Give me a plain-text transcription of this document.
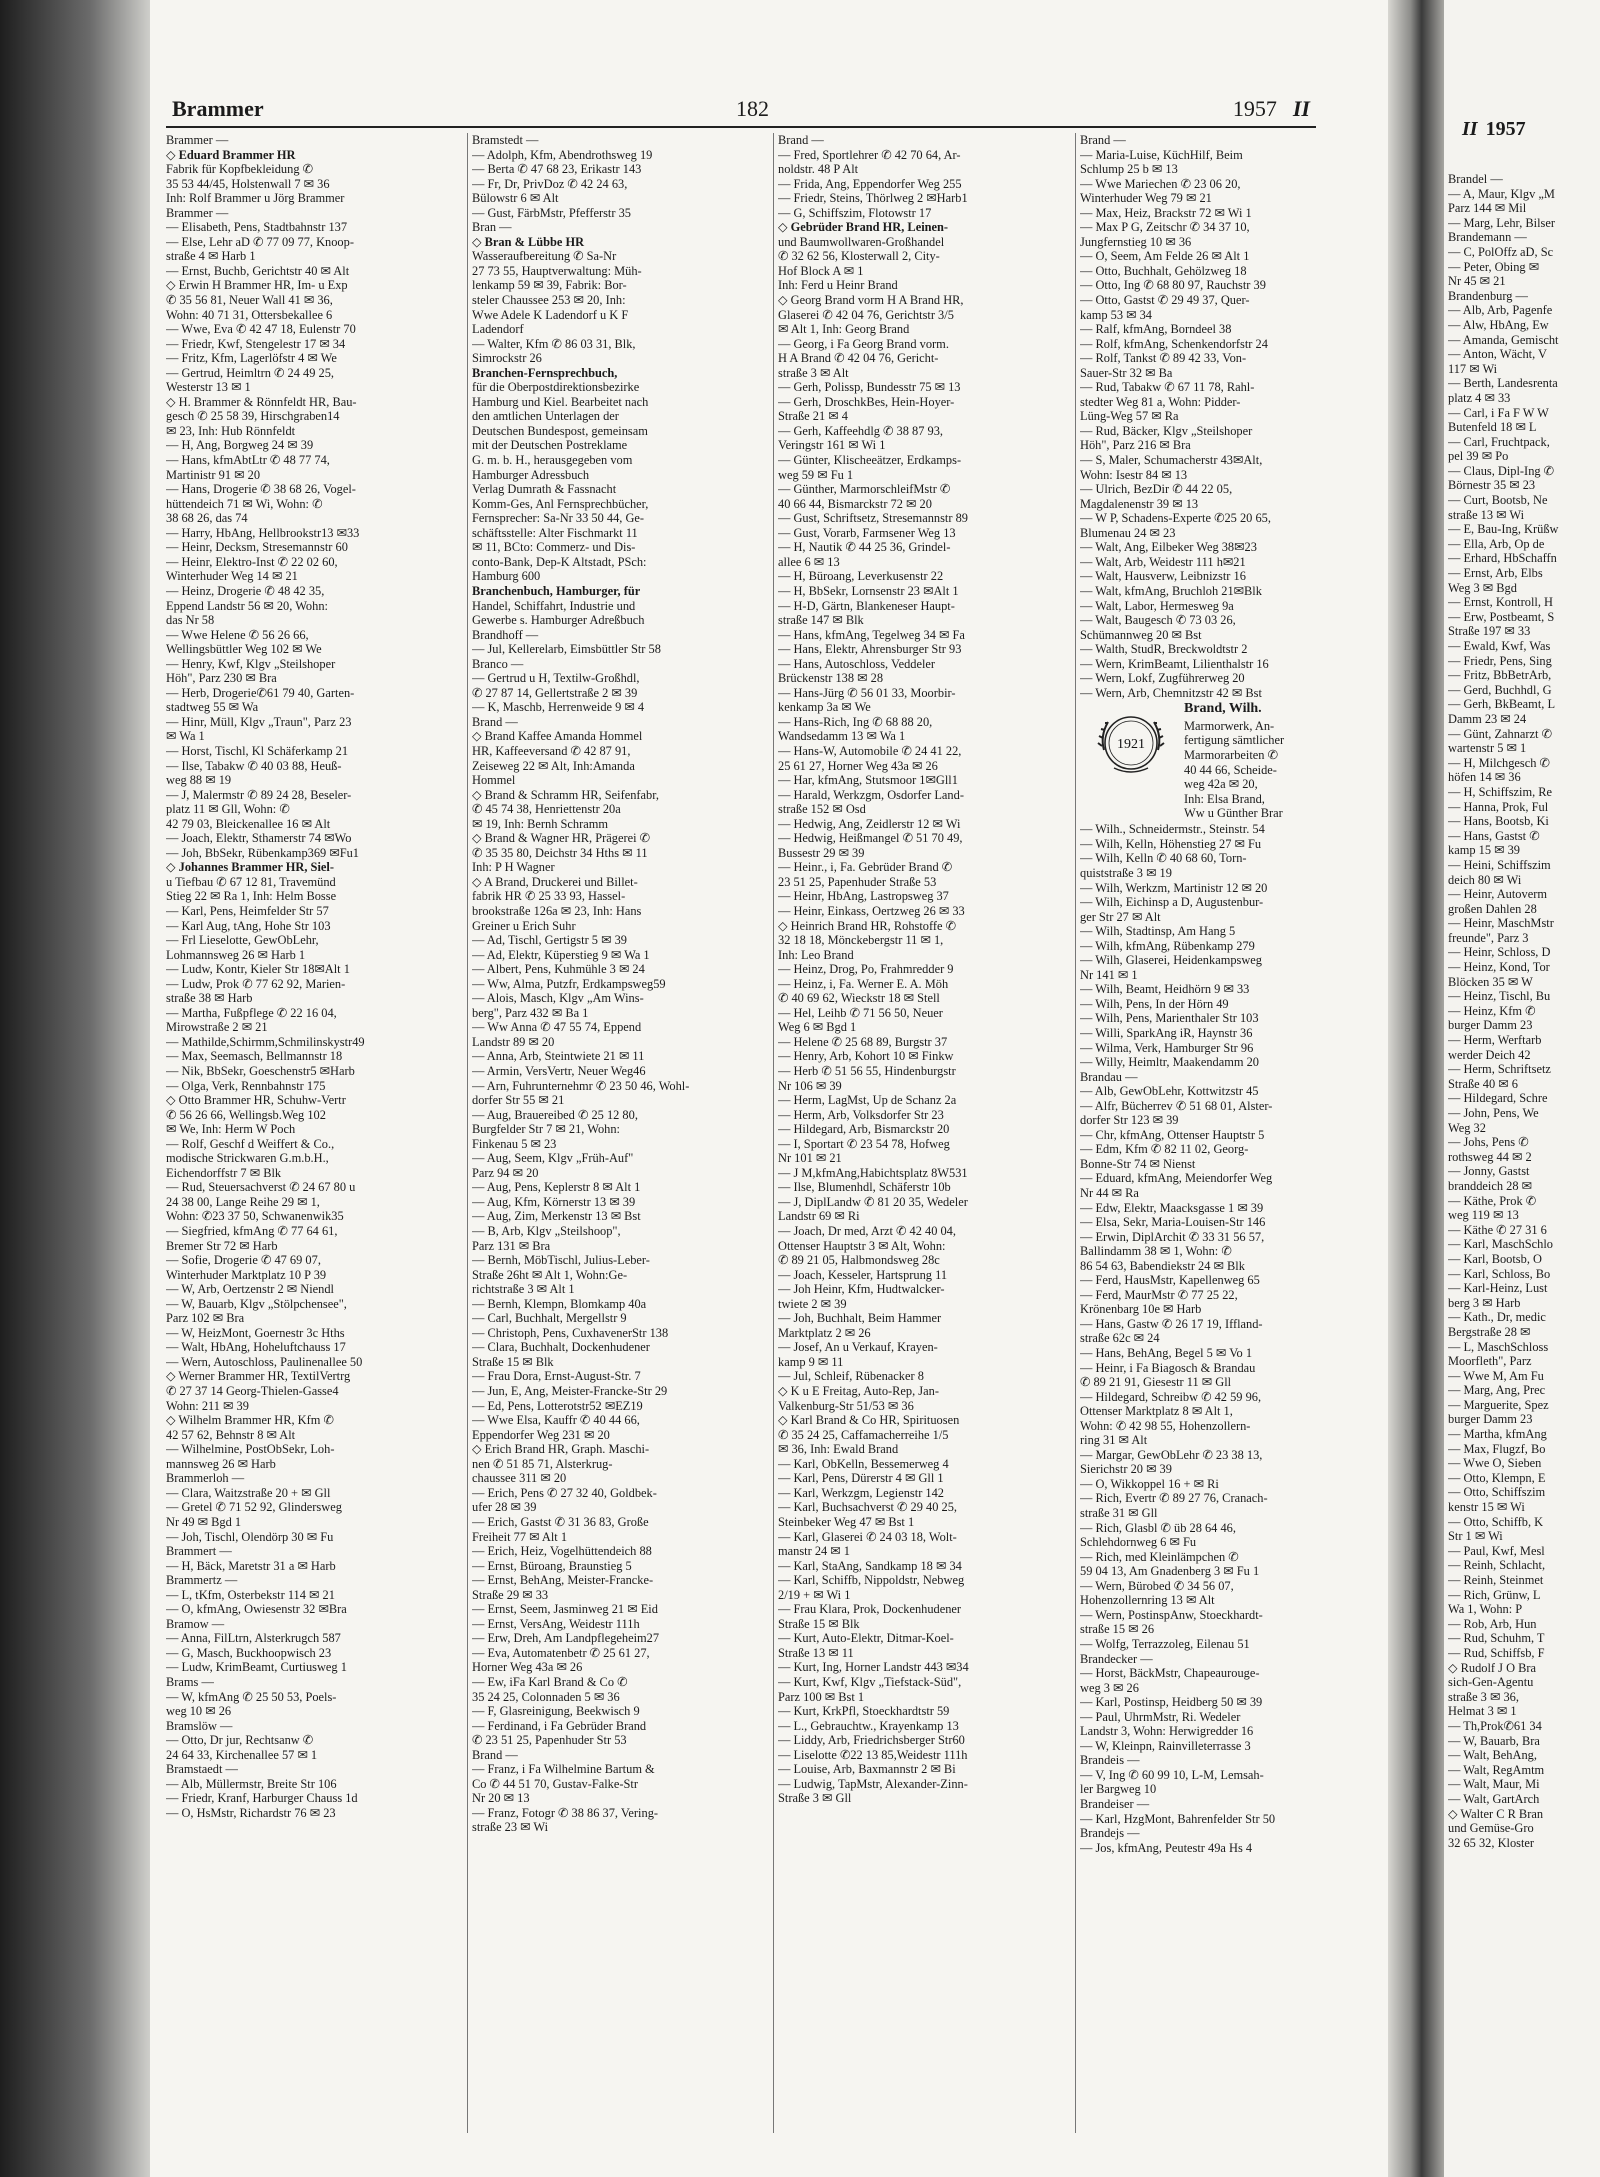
Brammer	182	1957 II
Brammer —
◇ Eduard Brammer HR
Fabrik für Kopfbekleidung ✆
35 53 44/45, Holstenwall 7 ✉ 36
Inh: Rolf Brammer u Jörg Brammer
Brammer —
— Elisabeth, Pens, Stadtbahnstr 137
— Else, Lehr aD ✆ 77 09 77, Knoop-
straße 4 ✉ Harb 1
— Ernst, Buchb, Gerichtstr 40 ✉ Alt
◇ Erwin H Brammer HR, Im- u Exp
✆ 35 56 81, Neuer Wall 41 ✉ 36,
Wohn: 40 71 31, Ottersbekallee 6
— Wwe, Eva ✆ 42 47 18, Eulenstr 70
— Friedr, Kwf, Stengelestr 17 ✉ 34
— Fritz, Kfm, Lagerlöfstr 4 ✉ We
— Gertrud, Heimltrn ✆ 24 49 25,
Westerstr 13 ✉ 1
◇ H. Brammer & Rönnfeldt HR, Bau-
gesch ✆ 25 58 39, Hirschgraben14
✉ 23, Inh: Hub Rönnfeldt
— H, Ang, Borgweg 24 ✉ 39
— Hans, kfmAbtLtr ✆ 48 77 74,
Martinistr 91 ✉ 20
— Hans, Drogerie ✆ 38 68 26, Vogel-
hüttendeich 71 ✉ Wi, Wohn: ✆
38 68 26, das 74
— Harry, HbAng, Hellbrookstr13 ✉33
— Heinr, Decksm, Stresemannstr 60
— Heinr, Elektro-Inst ✆ 22 02 60,
Winterhuder Weg 14 ✉ 21
— Heinz, Drogerie ✆ 48 42 35,
Eppend Landstr 56 ✉ 20, Wohn:
das Nr 58
— Wwe Helene ✆ 56 26 66,
Wellingsbüttler Weg 102 ✉ We
— Henry, Kwf, Klgv „Steilshoper
Höh", Parz 230 ✉ Bra
— Herb, Drogerie✆61 79 40, Garten-
stadtweg 55 ✉ Wa
— Hinr, Müll, Klgv „Traun", Parz 23
✉ Wa 1
— Horst, Tischl, Kl Schäferkamp 21
— Ilse, Tabakw ✆ 40 03 88, Heuß-
weg 88 ✉ 19
— J, Malermstr ✆ 89 24 28, Beseler-
platz 11 ✉ Gll, Wohn: ✆
42 79 03, Bleickenallee 16 ✉ Alt
— Joach, Elektr, Sthamerstr 74 ✉Wo
— Joh, BbSekr, Rübenkamp369 ✉Fu1
◇ Johannes Brammer HR, Siel-
u Tiefbau ✆ 67 12 81, Travemünd
Stieg 22 ✉ Ra 1, Inh: Helm Bosse
— Karl, Pens, Heimfelder Str 57
— Karl Aug, tAng, Hohe Str 103
— Frl Lieselotte, GewObLehr,
Lohmannsweg 26 ✉ Harb 1
— Ludw, Kontr, Kieler Str 18✉Alt 1
— Ludw, Prok ✆ 77 62 92, Marien-
straße 38 ✉ Harb
— Martha, Fußpflege ✆ 22 16 04,
Mirowstraße 2 ✉ 21
— Mathilde,Schirmm,Schmilinskystr49
— Max, Seemasch, Bellmannstr 18
— Nik, BbSekr, Goeschenstr5 ✉Harb
— Olga, Verk, Rennbahnstr 175
◇ Otto Brammer HR, Schuhw-Vertr
✆ 56 26 66, Wellingsb.Weg 102
✉ We, Inh: Herm W Poch
— Rolf, Geschf d Weiffert & Co.,
modische Strickwaren G.m.b.H.,
Eichendorffstr 7 ✉ Blk
— Rud, Steuersachverst ✆ 24 67 80 u
24 38 00, Lange Reihe 29 ✉ 1,
Wohn: ✆23 37 50, Schwanenwik35
— Siegfried, kfmAng ✆ 77 64 61,
Bremer Str 72 ✉ Harb
— Sofie, Drogerie ✆ 47 69 07,
Winterhuder Marktplatz 10 P 39
— W, Arb, Oertzenstr 2 ✉ Niendl
— W, Bauarb, Klgv „Stölpchensee",
Parz 102 ✉ Bra
— W, HeizMont, Goernestr 3c Hths
— Walt, HbAng, Hoheluftchauss 17
— Wern, Autoschloss, Paulinenallee 50
◇ Werner Brammer HR, TextilVertrg
✆ 27 37 14 Georg-Thielen-Gasse4
Wohn: 211 ✉ 39
◇ Wilhelm Brammer HR, Kfm ✆
42 57 62, Behnstr 8 ✉ Alt
— Wilhelmine, PostObSekr, Loh-
mannsweg 26 ✉ Harb
Brammerloh —
— Clara, Waitzstraße 20 + ✉ Gll
— Gretel ✆ 71 52 92, Glindersweg
Nr 49 ✉ Bgd 1
— Joh, Tischl, Olendörp 30 ✉ Fu
Brammert —
— H, Bäck, Maretstr 31 a ✉ Harb
Brammertz —
— L, tKfm, Osterbekstr 114 ✉ 21
— O, kfmAng, Owiesenstr 32 ✉Bra
Bramow —
— Anna, FilLtrn, Alsterkrugch 587
— G, Masch, Buckhoopwisch 23
— Ludw, KrimBeamt, Curtiusweg 1
Brams —
— W, kfmAng ✆ 25 50 53, Poels-
weg 10 ✉ 26
Bramslöw —
— Otto, Dr jur, Rechtsanw ✆
24 64 33, Kirchenallee 57 ✉ 1
Bramstaedt —
— Alb, Müllermstr, Breite Str 106
— Friedr, Kranf, Harburger Chauss 1d
— O, HsMstr, Richardstr 76 ✉ 23
Bramstedt —
— Adolph, Kfm, Abendrothsweg 19
— Berta ✆ 47 68 23, Erikastr 143
— Fr, Dr, PrivDoz ✆ 42 24 63,
Bülowstr 6 ✉ Alt
— Gust, FärbMstr, Pfefferstr 35
Bran —
◇ Bran & Lübbe HR
Wasseraufbereitung ✆ Sa-Nr
27 73 55, Hauptverwaltung: Müh-
lenkamp 59 ✉ 39, Fabrik: Bor-
steler Chaussee 253 ✉ 20, Inh:
Wwe Adele K Ladendorf u K F
Ladendorf
— Walter, Kfm ✆ 86 03 31, Blk,
Simrockstr 26
Branchen-Fernsprechbuch,
für die Oberpostdirektionsbezirke
Hamburg und Kiel. Bearbeitet nach
den amtlichen Unterlagen der
Deutschen Bundespost, gemeinsam
mit der Deutschen Postreklame
G. m. b. H., herausgegeben vom
Hamburger Adressbuch
Verlag Dumrath & Fassnacht
Komm-Ges, Anl Fernsprechbücher,
Fernsprecher: Sa-Nr 33 50 44, Ge-
schäftsstelle: Alter Fischmarkt 11
✉ 11, BCto: Commerz- und Dis-
conto-Bank, Dep-K Altstadt, PSch:
Hamburg 600
Branchenbuch, Hamburger, für
Handel, Schiffahrt, Industrie und
Gewerbe s. Hamburger Adreßbuch
Brandhoff —
— Jul, Kellerelarb, Eimsbüttler Str 58
Branco —
— Gertrud u H, Textilw-Großhdl,
✆ 27 87 14, Gellertstraße 2 ✉ 39
— K, Maschb, Herrenweide 9 ✉ 4
Brand —
◇ Brand Kaffee Amanda Hommel
HR, Kaffeeversand ✆ 42 87 91,
Zeiseweg 22 ✉ Alt, Inh:Amanda
Hommel
◇ Brand & Schramm HR, Seifenfabr,
✆ 45 74 38, Henriettenstr 20a
✉ 19, Inh: Bernh Schramm
◇ Brand & Wagner HR, Prägerei ✆
✆ 35 35 80, Deichstr 34 Hths ✉ 11
Inh: P H Wagner
◇ A Brand, Druckerei und Billet-
fabrik HR ✆ 25 33 93, Hassel-
brookstraße 126a ✉ 23, Inh: Hans
Greiner u Erich Suhr
— Ad, Tischl, Gertigstr 5 ✉ 39
— Ad, Elektr, Küperstieg 9 ✉ Wa 1
— Albert, Pens, Kuhmühle 3 ✉ 24
— Ww, Alma, Putzfr, Erdkampsweg59
— Alois, Masch, Klgv „Am Wins-
berg", Parz 432 ✉ Ba 1
— Ww Anna ✆ 47 55 74, Eppend
Landstr 89 ✉ 20
— Anna, Arb, Steintwiete 21 ✉ 11
— Armin, VersVertr, Neuer Weg46
— Arn, Fuhrunternehmr ✆ 23 50 46, Wohl-
dorfer Str 55 ✉ 21
— Aug, Brauereibed ✆ 25 12 80,
Burgfelder Str 7 ✉ 21, Wohn:
Finkenau 5 ✉ 23
— Aug, Seem, Klgv „Früh-Auf"
Parz 94 ✉ 20
— Aug, Pens, Keplerstr 8 ✉ Alt 1
— Aug, Kfm, Körnerstr 13 ✉ 39
— Aug, Zim, Merkenstr 13 ✉ Bst
— B, Arb, Klgv „Steilshoop",
Parz 131 ✉ Bra
— Bernh, MöbTischl, Julius-Leber-
Straße 26ht ✉ Alt 1, Wohn:Ge-
richtstraße 3 ✉ Alt 1
— Bernh, Klempn, Blomkamp 40a
— Carl, Buchhalt, Mergellstr 9
— Christoph, Pens, CuxhavenerStr 138
— Clara, Buchhalt, Dockenhudener
Straße 15 ✉ Blk
— Frau Dora, Ernst-August-Str. 7
— Jun, E, Ang, Meister-Francke-Str 29
— Ed, Pens, Lotterotstr52 ✉EZ19
— Wwe Elsa, Kauffr ✆ 40 44 66,
Eppendorfer Weg 231 ✉ 20
◇ Erich Brand HR, Graph. Maschi-
nen ✆ 51 85 71, Alsterkrug-
chaussee 311 ✉ 20
— Erich, Pens ✆ 27 32 40, Goldbek-
ufer 28 ✉ 39
— Erich, Gastst ✆ 31 36 83, Große
Freiheit 77 ✉ Alt 1
— Erich, Heiz, Vogelhüttendeich 88
— Ernst, Büroang, Braunstieg 5
— Ernst, BehAng, Meister-Francke-
Straße 29 ✉ 33
— Ernst, Seem, Jasminweg 21 ✉ Eid
— Ernst, VersAng, Weidestr 111h
— Erw, Dreh, Am Landpflegeheim27
— Eva, Automatenbetr ✆ 25 61 27,
Horner Weg 43a ✉ 26
— Ew, iFa Karl Brand & Co ✆
35 24 25, Colonnaden 5 ✉ 36
— F, Glasreinigung, Beekwisch 9
— Ferdinand, i Fa Gebrüder Brand
✆ 23 51 25, Papenhuder Str 53
Brand —
— Franz, i Fa Wilhelmine Bartum &
Co ✆ 44 51 70, Gustav-Falke-Str
Nr 20 ✉ 13
— Franz, Fotogr ✆ 38 86 37, Vering-
straße 23 ✉ Wi
Brand —
— Fred, Sportlehrer ✆ 42 70 64, Ar-
noldstr. 48 P Alt
— Frida, Ang, Eppendorfer Weg 255
— Friedr, Steins, Thörlweg 2 ✉Harb1
— G, Schiffszim, Flotowstr 17
◇ Gebrüder Brand HR, Leinen-
und Baumwollwaren-Großhandel
✆ 32 62 56, Klosterwall 2, City-
Hof Block A ✉ 1
Inh: Ferd u Heinr Brand
◇ Georg Brand vorm H A Brand HR,
Glaserei ✆ 42 04 76, Gerichtstr 3/5
✉ Alt 1, Inh: Georg Brand
— Georg, i Fa Georg Brand vorm.
H A Brand ✆ 42 04 76, Gericht-
straße 3 ✉ Alt
— Gerh, Polissp, Bundesstr 75 ✉ 13
— Gerh, DroschkBes, Hein-Hoyer-
Straße 21 ✉ 4
— Gerh, Kaffeehdlg ✆ 38 87 93,
Veringstr 161 ✉ Wi 1
— Günter, Klischeeätzer, Erdkamps-
weg 59 ✉ Fu 1
— Günther, MarmorschleifMstr ✆
40 66 44, Bismarckstr 72 ✉ 20
— Gust, Schriftsetz, Stresemannstr 89
— Gust, Vorarb, Farmsener Weg 13
— H, Nautik ✆ 44 25 36, Grindel-
allee 6 ✉ 13
— H, Büroang, Leverkusenstr 22
— H, BbSekr, Lornsenstr 23 ✉Alt 1
— H-D, Gärtn, Blankeneser Haupt-
straße 147 ✉ Blk
— Hans, kfmAng, Tegelweg 34 ✉ Fa
— Hans, Elektr, Ahrensburger Str 93
— Hans, Autoschloss, Veddeler
Brückenstr 138 ✉ 28
— Hans-Jürg ✆ 56 01 33, Moorbir-
kenkamp 3a ✉ We
— Hans-Rich, Ing ✆ 68 88 20,
Wandsedamm 13 ✉ Wa 1
— Hans-W, Automobile ✆ 24 41 22,
25 61 27, Horner Weg 43a ✉ 26
— Har, kfmAng, Stutsmoor 1✉Gll1
— Harald, Werkzgm, Osdorfer Land-
straße 152 ✉ Osd
— Hedwig, Ang, Zeidlerstr 12 ✉ Wi
— Hedwig, Heißmangel ✆ 51 70 49,
Bussestr 29 ✉ 39
— Heinr., i, Fa. Gebrüder Brand ✆
23 51 25, Papenhuder Straße 53
— Heinr, HbAng, Lastropsweg 37
— Heinr, Einkass, Oertzweg 26 ✉ 33
◇ Heinrich Brand HR, Rohstoffe ✆
32 18 18, Mönckebergstr 11 ✉ 1,
Inh: Leo Brand
— Heinz, Drog, Po, Frahmredder 9
— Heinz, i, Fa. Werner E. A. Möh
✆ 40 69 62, Wieckstr 18 ✉ Stell
— Hel, Leihb ✆ 71 56 50, Neuer
Weg 6 ✉ Bgd 1
— Helene ✆ 25 68 89, Burgstr 37
— Henry, Arb, Kohort 10 ✉ Finkw
— Herb ✆ 51 56 55, Hindenburgstr
Nr 106 ✉ 39
— Herm, LagMst, Up de Schanz 2a
— Herm, Arb, Volksdorfer Str 23
— Hildegard, Arb, Bismarckstr 20
— I, Sportart ✆ 23 54 78, Hofweg
Nr 101 ✉ 21
— J M,kfmAng,Habichtsplatz 8W531
— Ilse, Blumenhdl, Schäferstr 10b
— J, DiplLandw ✆ 81 20 35, Wedeler
Landstr 69 ✉ Ri
— Joach, Dr med, Arzt ✆ 42 40 04,
Ottenser Hauptstr 3 ✉ Alt, Wohn:
✆ 89 21 05, Halbmondsweg 28c
— Joach, Kesseler, Hartsprung 11
— Joh Heinr, Kfm, Hudtwalcker-
twiete 2 ✉ 39
— Joh, Buchhalt, Beim Hammer
Marktplatz 2 ✉ 26
— Josef, An u Verkauf, Krayen-
kamp 9 ✉ 11
— Jul, Schleif, Rübenacker 8
◇ K u E Freitag, Auto-Rep, Jan-
Valkenburg-Str 51/53 ✉ 36
◇ Karl Brand & Co HR, Spirituosen
✆ 35 24 25, Caffamacherreihe 1/5
✉ 36, Inh: Ewald Brand
— Karl, ObKelln, Bessemerweg 4
— Karl, Pens, Dürerstr 4 ✉ Gll 1
— Karl, Werkzgm, Legienstr 142
— Karl, Buchsachverst ✆ 29 40 25,
Steinbeker Weg 47 ✉ Bst 1
— Karl, Glaserei ✆ 24 03 18, Wolt-
manstr 24 ✉ 1
— Karl, StaAng, Sandkamp 18 ✉ 34
— Karl, Schiffb, Nippoldstr, Nebweg
2/19 + ✉ Wi 1
— Frau Klara, Prok, Dockenhudener
Straße 15 ✉ Blk
— Kurt, Auto-Elektr, Ditmar-Koel-
Straße 13 ✉ 11
— Kurt, Ing, Horner Landstr 443 ✉34
— Kurt, Kwf, Klgv „Tiefstack-Süd",
Parz 100 ✉ Bst 1
— Kurt, KrkPfl, Stoeckhardtstr 59
— L., Gebrauchtw., Krayenkamp 13
— Liddy, Arb, Friedrichsberger Str60
— Liselotte ✆22 13 85,Weidestr 111h
— Louise, Arb, Baxmannstr 2 ✉ Bi
— Ludwig, TapMstr, Alexander-Zinn-
Straße 3 ✉ Gll
Brand —
— Maria-Luise, KüchHilf, Beim
Schlump 25 b ✉ 13
— Wwe Mariechen ✆ 23 06 20,
Winterhuder Weg 79 ✉ 21
— Max, Heiz, Brackstr 72 ✉ Wi 1
— Max P G, Zeitschr ✆ 34 37 10,
Jungfernstieg 10 ✉ 36
— O, Seem, Am Felde 26 ✉ Alt 1
— Otto, Buchhalt, Gehölzweg 18
— Otto, Ing ✆ 68 80 97, Rauchstr 39
— Otto, Gastst ✆ 29 49 37, Quer-
kamp 53 ✉ 34
— Ralf, kfmAng, Borndeel 38
— Rolf, kfmAng, Schenkendorfstr 24
— Rolf, Tankst ✆ 89 42 33, Von-
Sauer-Str 32 ✉ Ba
— Rud, Tabakw ✆ 67 11 78, Rahl-
stedter Weg 81 a, Wohn: Pidder-
Lüng-Weg 57 ✉ Ra
— Rud, Bäcker, Klgv „Steilshoper
Höh", Parz 216 ✉ Bra
— S, Maler, Schumacherstr 43✉Alt,
Wohn: Isestr 84 ✉ 13
— Ulrich, BezDir ✆ 44 22 05,
Magdalenenstr 39 ✉ 13
— W P, Schadens-Experte ✆25 20 65,
Blumenau 24 ✉ 23
— Walt, Ang, Eilbeker Weg 38✉23
— Walt, Arb, Weidestr 111 h✉21
— Walt, Hausverw, Leibnizstr 16
— Walt, kfmAng, Bruchloh 21✉Blk
— Walt, Labor, Hermesweg 9a
— Walt, Baugesch ✆ 73 03 26,
Schümannweg 20 ✉ Bst
— Walth, StudR, Breckwoldtstr 2
— Wern, KrimBeamt, Lilienthalstr 16
— Wern, Lokf, Zugführerweg 20
— Wern, Arb, Chemnitzstr 42 ✉ Bst
1921
Brand, Wilh.
Marmorwerk, An-
fertigung sämtlicher
Marmorarbeiten ✆
40 44 66, Scheide-
weg 42a ✉ 20,
Inh: Elsa Brand,
Ww u Günther Brar
— Wilh., Schneidermstr., Steinstr. 54
— Wilh, Kelln, Höhenstieg 27 ✉ Fu
— Wilh, Kelln ✆ 40 68 60, Torn-
quiststraße 3 ✉ 19
— Wilh, Werkzm, Martinistr 12 ✉ 20
— Wilh, Eichinsp a D, Augustenbur-
ger Str 27 ✉ Alt
— Wilh, Stadtinsp, Am Hang 5
— Wilh, kfmAng, Rübenkamp 279
— Wilh, Glaserei, Heidenkampsweg
Nr 141 ✉ 1
— Wilh, Beamt, Heidhörn 9 ✉ 33
— Wilh, Pens, In der Hörn 49
— Wilh, Pens, Marienthaler Str 103
— Willi, SparkAng iR, Haynstr 36
— Wilma, Verk, Hamburger Str 96
— Willy, Heimltr, Maakendamm 20
Brandau —
— Alb, GewObLehr, Kottwitzstr 45
— Alfr, Bücherrev ✆ 51 68 01, Alster-
dorfer Str 123 ✉ 39
— Chr, kfmAng, Ottenser Hauptstr 5
— Edm, Kfm ✆ 82 11 02, Georg-
Bonne-Str 74 ✉ Nienst
— Eduard, kfmAng, Meiendorfer Weg
Nr 44 ✉ Ra
— Edw, Elektr, Maacksgasse 1 ✉ 39
— Elsa, Sekr, Maria-Louisen-Str 146
— Erwin, DiplArchit ✆ 33 31 56 57,
Ballindamm 38 ✉ 1, Wohn: ✆
86 54 63, Babendiekstr 24 ✉ Blk
— Ferd, HausMstr, Kapellenweg 65
— Ferd, MaurMstr ✆ 77 25 22,
Krönenbarg 10e ✉ Harb
— Hans, Gastw ✆ 26 17 19, Iffland-
straße 62c ✉ 24
— Hans, BehAng, Begel 5 ✉ Vo 1
— Heinr, i Fa Biagosch & Brandau
✆ 89 21 91, Giesestr 11 ✉ Gll
— Hildegard, Schreibw ✆ 42 59 96,
Ottenser Marktplatz 8 ✉ Alt 1,
Wohn: ✆ 42 98 55, Hohenzollern-
ring 31 ✉ Alt
— Margar, GewObLehr ✆ 23 38 13,
Sierichstr 20 ✉ 39
— O, Wikkoppel 16 + ✉ Ri
— Rich, Evertr ✆ 89 27 76, Cranach-
straße 31 ✉ Gll
— Rich, Glasbl ✆ üb 28 64 46,
Schlehdornweg 6 ✉ Fu
— Rich, med Kleinlämpchen ✆
59 04 13, Am Gnadenberg 3 ✉ Fu 1
— Wern, Bürobed ✆ 34 56 07,
Hohenzollernring 13 ✉ Alt
— Wern, PostinspAnw, Stoeckhardt-
straße 15 ✉ 26
— Wolfg, Terrazzoleg, Eilenau 51
Brandecker —
— Horst, BäckMstr, Chapeaurouge-
weg 3 ✉ 26
— Karl, Postinsp, Heidberg 50 ✉ 39
— Paul, UhrmMstr, Ri. Wedeler
Landstr 3, Wohn: Herwigredder 16
— W, Kleinpn, Rainvilleterrasse 3
Brandeis —
— V, Ing ✆ 60 99 10, L-M, Lemsah-
ler Bargweg 10
Brandeiser —
— Karl, HzgMont, Bahrenfelder Str 50
Brandejs —
— Jos, kfmAng, Peutestr 49a Hs 4
II 1957
Brandel —
— A, Maur, Klgv „M
Parz 144 ✉ Mil
— Marg, Lehr, Bilser
Brandemann —
— C, PolOffz aD, Sc
— Peter, Obing ✉
Nr 45 ✉ 21
Brandenburg —
— Alb, Arb, Pagenfe
— Alw, HbAng, Ew
— Amanda, Gemischt
— Anton, Wächt, V
117 ✉ Wi
— Berth, Landesrenta
platz 4 ✉ 33
— Carl, i Fa F W W
Butenfeld 18 ✉ L
— Carl, Fruchtpack,
pel 39 ✉ Po
— Claus, Dipl-Ing ✆
Börnestr 35 ✉ 23
— Curt, Bootsb, Ne
straße 13 ✉ Wi
— E, Bau-Ing, Krüßw
— Ella, Arb, Op de
— Erhard, HbSchaffn
— Ernst, Arb, Elbs
Weg 3 ✉ Bgd
— Ernst, Kontroll, H
— Erw, Postbeamt, S
Straße 197 ✉ 33
— Ewald, Kwf, Was
— Friedr, Pens, Sing
— Fritz, BbBetrArb,
— Gerd, Buchhdl, G
— Gerh, BkBeamt, L
Damm 23 ✉ 24
— Günt, Zahnarzt ✆
wartenstr 5 ✉ 1
— H, Milchgesch ✆
höfen 14 ✉ 36
— H, Schiffszim, Re
— Hanna, Prok, Ful
— Hans, Bootsb, Ki
— Hans, Gastst ✆
kamp 15 ✉ 39
— Heini, Schiffszim
deich 80 ✉ Wi
— Heinr, Autoverm
großen Dahlen 28
— Heinr, MaschMstr
freunde", Parz 3
— Heinr, Schloss, D
— Heinz, Kond, Tor
Blöcken 35 ✉ W
— Heinz, Tischl, Bu
— Heinz, Kfm ✆
burger Damm 23
— Herm, Werftarb
werder Deich 42
— Herm, Schriftsetz
Straße 40 ✉ 6
— Hildegard, Schre
— John, Pens, We
Weg 32
— Johs, Pens ✆
rothsweg 44 ✉ 2
— Jonny, Gastst
branddeich 28 ✉
— Käthe, Prok ✆
weg 119 ✉ 13
— Käthe ✆ 27 31 6
— Karl, MaschSchlo
— Karl, Bootsb, O
— Karl, Schloss, Bo
— Karl-Heinz, Lust
berg 3 ✉ Harb
— Kath., Dr, medic
Bergstraße 28 ✉
— L, MaschSchloss
Moorfleth", Parz
— Wwe M, Am Fu
— Marg, Ang, Prec
— Marguerite, Spez
burger Damm 23
— Martha, kfmAng
— Max, Flugzf, Bo
— Wwe O, Sieben
— Otto, Klempn, E
— Otto, Schiffszim
kenstr 15 ✉ Wi
— Otto, Schiffb, K
Str 1 ✉ Wi
— Paul, Kwf, Mesl
— Reinh, Schlacht,
— Reinh, Steinmet
— Rich, Grünw, L
Wa 1, Wohn: P
— Rob, Arb, Hun
— Rud, Schuhm, T
— Rud, Schiffsb, F
◇ Rudolf J O Bra
sich-Gen-Agentu
straße 3 ✉ 36,
Helmat 3 ✉ 1
— Th,Prok✆61 34
— W, Bauarb, Bra
— Walt, BehAng,
— Walt, RegAmtm
— Walt, Maur, Mi
— Walt, GartArch
◇ Walter C R Bran
und Gemüse-Gro
32 65 32, Kloster
